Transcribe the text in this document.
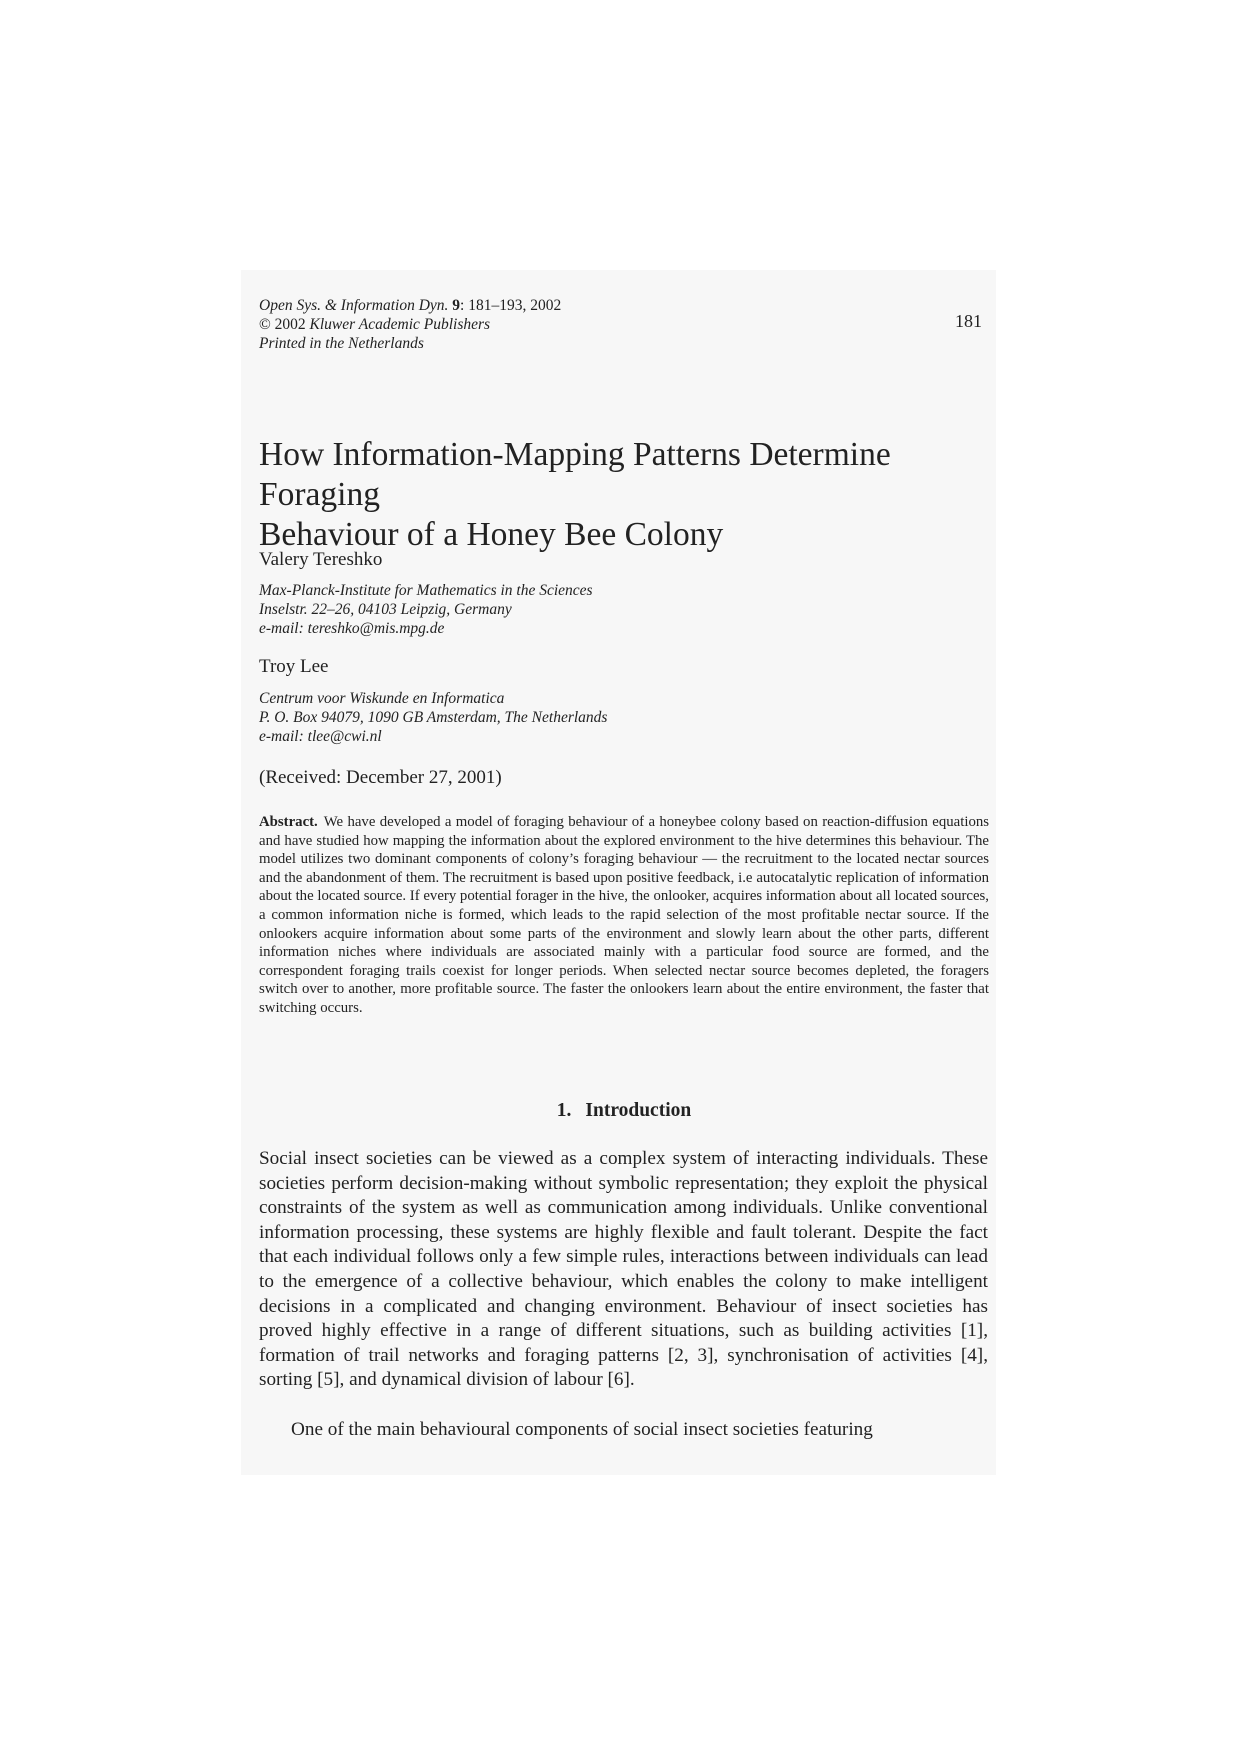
Open Sys. & Information Dyn. 9: 181–193, 2002
© 2002 Kluwer Academic Publishers
Printed in the Netherlands
181
How Information-Mapping Patterns Determine Foraging
Behaviour of a Honey Bee Colony
Valery Tereshko
Max-Planck-Institute for Mathematics in the Sciences
Inselstr. 22–26, 04103 Leipzig, Germany
e-mail: tereshko@mis.mpg.de
Troy Lee
Centrum voor Wiskunde en Informatica
P. O. Box 94079, 1090 GB Amsterdam, The Netherlands
e-mail: tlee@cwi.nl
(Received: December 27, 2001)

Abstract. We have developed a model of foraging behaviour of a honeybee colony based on reaction-diffusion equations and have studied how mapping the information about the explored environment to the hive determines this behaviour. The model utilizes two dominant components of colony’s foraging behaviour — the recruitment to the located nectar sources and the abandonment of them. The recruitment is based upon positive feedback, i.e autocatalytic replication of information about the located source. If every potential forager in the hive, the onlooker, acquires information about all located sources, a common information niche is formed, which leads to the rapid selection of the most profitable nectar source. If the onlookers acquire information about some parts of the environment and slowly learn about the other parts, different information niches where individuals are associated mainly with a particular food source are formed, and the correspondent foraging trails coexist for longer periods. When selected nectar source becomes depleted, the foragers switch over to another, more profitable source. The faster the onlookers learn about the entire environment, the faster that switching occurs.

1. Introduction

Social insect societies can be viewed as a complex system of interacting individuals. These societies perform decision-making without symbolic representation; they exploit the physical constraints of the system as well as communication among individuals. Unlike conventional information processing, these systems are highly flexible and fault tolerant. Despite the fact that each individual follows only a few simple rules, interactions between individuals can lead to the emergence of a collective behaviour, which enables the colony to make intelligent decisions in a complicated and changing environment. Behaviour of insect societies has proved highly effective in a range of different situations, such as building activities [1], formation of trail networks and foraging patterns [2, 3], synchronisation of activities [4], sorting [5], and dynamical division of labour [6].

One of the main behavioural components of social insect societies featuring
